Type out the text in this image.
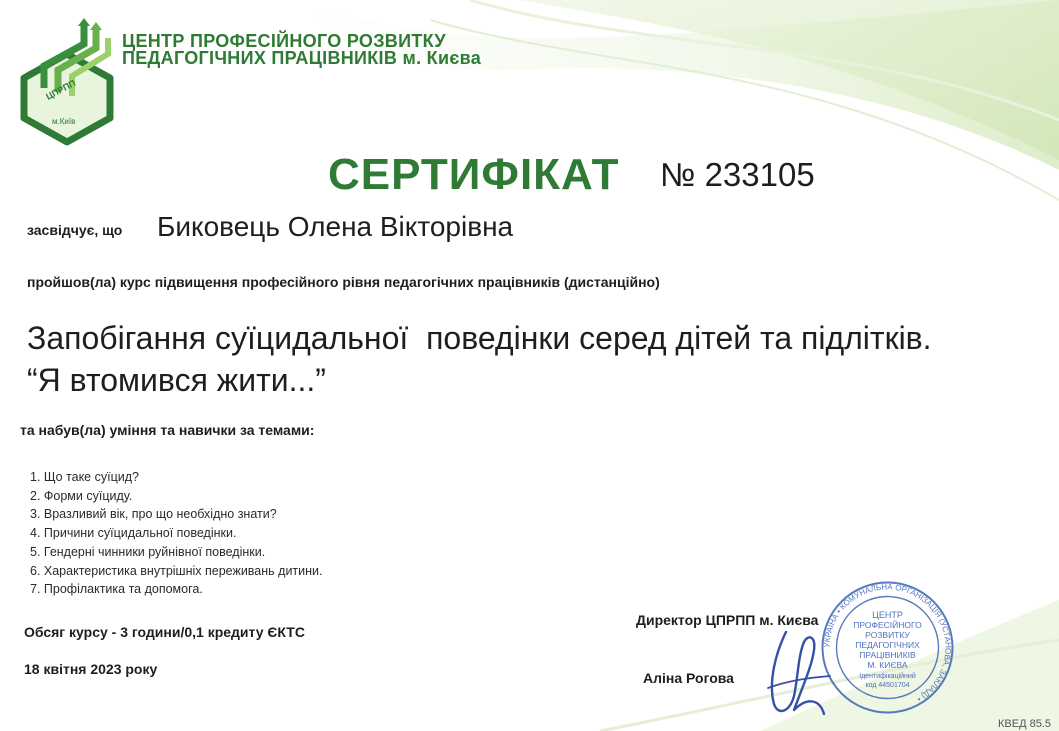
ЦПРПП
м.Київ
ЦЕНТР ПРОФЕСІЙНОГО РОЗВИТКУ
ПЕДАГОГІЧНИХ ПРАЦІВНИКІВ м. Києва
СЕРТИФІКАТ № 233105
засвідчує, що Биковець Олена Вікторівна
пройшов(ла) курс підвищення професійного рівня педагогічних працівників (дистанційно)
Запобігання суїцидальної  поведінки серед дітей та підлітків.
“Я втомився жити...”
та набув(ла) уміння та навички за темами:
1. Що таке суїцид?
2. Форми суїциду.
3. Вразливий вік, про що необхідно знати?
4. Причини суїцидальної поведінки.
5. Гендерні чинники руйнівної поведінки.
6. Характеристика внутрішніх переживань дитини.
7. Профілактика та допомога.
Обсяг курсу - 3 години/0,1 кредиту ЄКТС
18 квітня 2023 року
Директор ЦПРПП м. Києва
Аліна Рогова
УКРАЇНА • КОМУНАЛЬНА ОРГАНІЗАЦІЯ (УСТАНОВА, ЗАКЛАД) •
ЦЕНТР
ПРОФЕСІЙНОГО
РОЗВИТКУ
ПЕДАГОГІЧНИХ
ПРАЦІВНИКІВ
М. КИЄВА
Ідентифікаційний
код 44501704
КВЕД 85.5
